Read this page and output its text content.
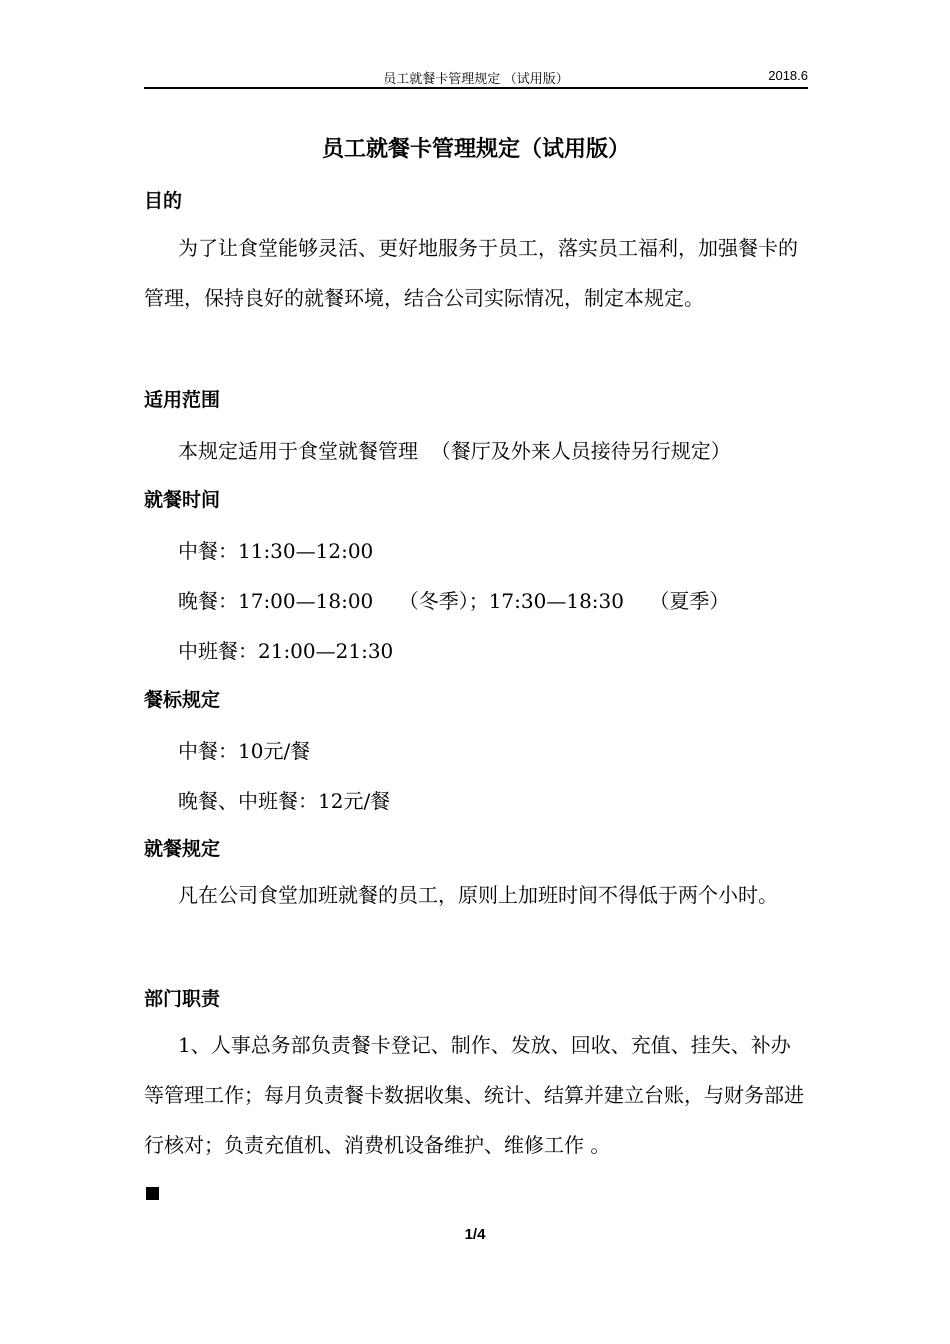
员工就餐卡管理规定 （试用版）	2018.6
员工就餐卡管理规定（试用版）
目的

为了让食堂能够灵活、更好地服务于员工，落实员工福利，加强餐卡的管理，保持良好的就餐环境，结合公司实际情况，制定本规定。

适用范围
本规定适用于食堂就餐管理  （餐厅及外来人员接待另行规定）
就餐时间
中餐：11:30—12:00
晚餐：17:00—18:00    （冬季）；17:30—18:30    （夏季）
中班餐：21:00—21:30
餐标规定
中餐：10元/餐
晚餐、中班餐：12元/餐
就餐规定

凡在公司食堂加班就餐的员工，原则上加班时间不得低于两个小时。

部门职责

1、人事总务部负责餐卡登记、制作、发放、回收、充值、挂失、补办等管理工作；每月负责餐卡数据收集、统计、结算并建立台账，与财务部进行核对；负责充值机、消费机设备维护、维修工作 。

1/4
